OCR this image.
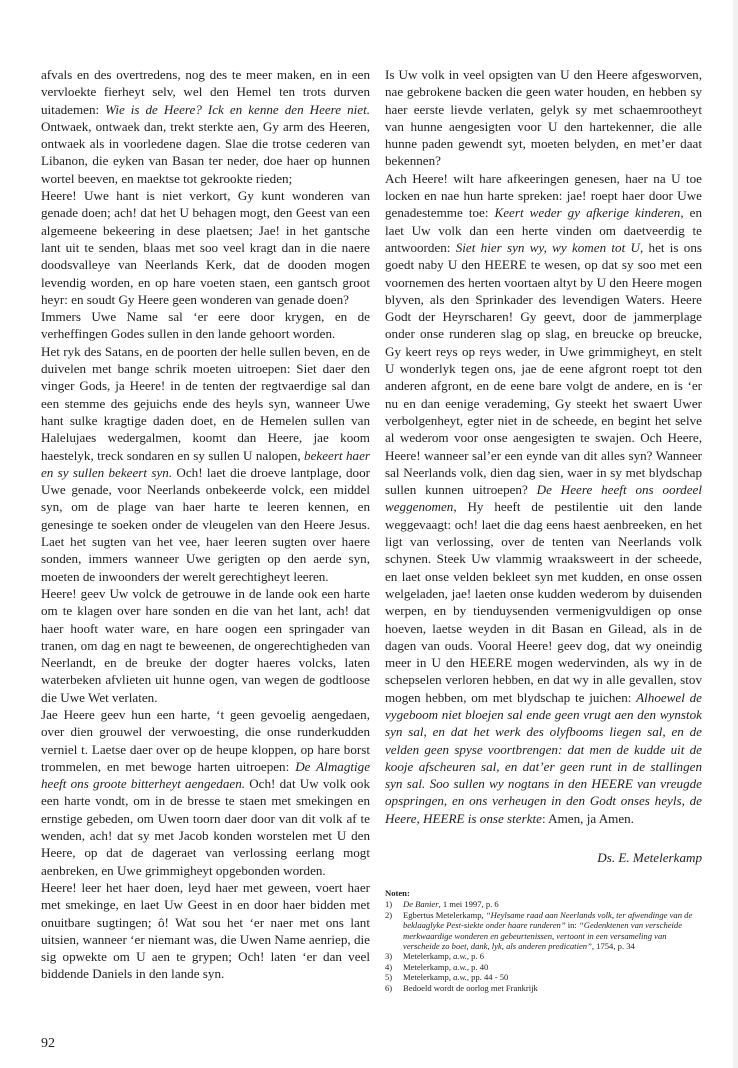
afvals en des overtredens, nog des te meer maken, en in een vervloekte fierheyt selv, wel den Hemel ten trots durven uitademen: Wie is de Heere? Ick en kenne den Heere niet. Ontwaek, ontwaek dan, trekt sterkte aen, Gy arm des Heeren, ontwaek als in voorledene dagen. Slae die trotse cederen van Libanon, die eyken van Basan ter neder, doe haer op hunnen wortel beeven, en maektse tot gekrookte rieden;

Heere! Uwe hant is niet verkort, Gy kunt wonderen van genade doen; ach! dat het U behagen mogt, den Geest van een algemeene bekeering in dese plaetsen; Jae! in het gantsche lant uit te senden, blaas met soo veel kragt dan in die naere doodsvalleye van Neerlands Kerk, dat de dooden mogen levendig worden, en op hare voeten staen, een gantsch groot heyr: en soudt Gy Heere geen wonderen van genade doen?

Immers Uwe Name sal ‘er eere door krygen, en de verheffingen Godes sullen in den lande gehoort worden.

Het ryk des Satans, en de poorten der helle sullen beven, en de duivelen met bange schrik moeten uitroepen: Siet daer den vinger Gods, ja Heere! in de tenten der regtvaerdige sal dan een stemme des gejuichs ende des heyls syn, wanneer Uwe hant sulke kragtige daden doet, en de Hemelen sullen van Halelujaes wedergalmen, koomt dan Heere, jae koom haestelyk, treck sondaren en sy sullen U nalopen, bekeert haer en sy sullen bekeert syn. Och! laet die droeve lantplage, door Uwe genade, voor Neerlands onbekeerde volck, een middel syn, om de plage van haer harte te leeren kennen, en genesinge te soeken onder de vleugelen van den Heere Jesus. Laet het sugten van het vee, haer leeren sugten over haere sonden, immers wanneer Uwe gerigten op den aerde syn, moeten de inwoonders der werelt gerechtigheyt leeren.

Heere! geev Uw volck de getrouwe in de lande ook een harte om te klagen over hare sonden en die van het lant, ach! dat haer hooft water ware, en hare oogen een springader van tranen, om dag en nagt te beweenen, de ongerechtigheden van Neerlandt, en de breuke der dogter haeres volcks, laten waterbeken afvlieten uit hunne ogen, van wegen de godtloose die Uwe Wet verlaten.

Jae Heere geev hun een harte, ‘t geen gevoelig aengedaen, over dien grouwel der verwoesting, die onse runderkudden verniel t. Laetse daer over op de heupe kloppen, op hare borst trommelen, en met bewoge harten uitroepen: De Almagtige heeft ons groote bitterheyt aengedaen. Och! dat Uw volk ook een harte vondt, om in de bresse te staen met smekingen en ernstige gebeden, om Uwen toorn daer door van dit volk af te wenden, ach! dat sy met Jacob konden worstelen met U den Heere, op dat de dageraet van verlossing eerlang mogt aenbreken, en Uwe grimmigheyt opgebonden worden.

Heere! leer het haer doen, leyd haer met geween, voert haer met smekinge, en laet Uw Geest in en door haer bidden met onuitbare sugtingen; ô! Wat sou het ‘er naer met ons lant uitsien, wanneer ‘er niemant was, die Uwen Name aenriep, die sig opwekte om U aen te grypen; Och! laten ‘er dan veel biddende Daniels in den lande syn.

Is Uw volk in veel opsigten van U den Heere afgesworven, nae gebrokene backen die geen water houden, en hebben sy haer eerste lievde verlaten, gelyk sy met schaemrootheyt van hunne aengesigten voor U den hartekenner, die alle hunne paden gewendt syt, moeten belyden, en met’er daat bekennen?

Ach Heere! wilt hare afkeeringen genesen, haer na U toe locken en nae hun harte spreken: jae! roept haer door Uwe genadestemme toe: Keert weder gy afkerige kinderen, en laet Uw volk dan een herte vinden om daetveerdig te antwoorden: Siet hier syn wy, wy komen tot U, het is ons goedt naby U den HEERE te wesen, op dat sy soo met een voornemen des herten voortaen altyt by U den Heere mogen blyven, als den Sprinkader des levendigen Waters. Heere Godt der Heyrscharen! Gy geevt, door de jammerplage onder onse runderen slag op slag, en breucke op breucke, Gy keert reys op reys weder, in Uwe grimmigheyt, en stelt U wonderlyk tegen ons, jae de eene afgront roept tot den anderen afgront, en de eene bare volgt de andere, en is ‘er nu en dan eenige verademing, Gy steekt het swaert Uwer verbolgenheyt, egter niet in de scheede, en begint het selve al wederom voor onse aengesigten te swajen. Och Heere, Heere! wanneer sal’er een eynde van dit alles syn? Wanneer sal Neerlands volk, dien dag sien, waer in sy met blydschap sullen kunnen uitroepen? De Heere heeft ons oordeel weggenomen, Hy heeft de pestilentie uit den lande weggevaagt: och! laet die dag eens haest aenbreeken, en het ligt van verlossing, over de tenten van Neerlands volk schynen. Steek Uw vlammig wraaksweert in der scheede, en laet onse velden bekleet syn met kudden, en onse ossen welgeladen, jae! laeten onse kudden wederom by duisenden werpen, en by tienduysenden vermenigvuldigen op onse hoeven, laetse weyden in dit Basan en Gilead, als in de dagen van ouds. Vooral Heere! geev dog, dat wy oneindig meer in U den HEERE mogen wedervinden, als wy in de schepselen verloren hebben, en dat wy in alle gevallen, stov mogen hebben, om met blydschap te juichen: Alhoewel de vygeboom niet bloejen sal ende geen vrugt aen den wynstok syn sal, en dat het werk des olyfbooms liegen sal, en de velden geen spyse voortbrengen: dat men de kudde uit de kooje afscheuren sal, en dat’er geen runt in de stallingen syn sal. Soo sullen wy nogtans in den HEERE van vreugde opspringen, en ons verheugen in den Godt onses heyls, de Heere, HEERE is onse sterkte: Amen, ja Amen.

Ds. E. Metelerkamp
Noten:
1)	De Banier, 1 mei 1997, p. 6
2)	Egbertus Metelerkamp, “Heylsame raad aan Neerlands volk, ter afwendinge van de beklaaglyke Pest-siekte onder haare runderen” in: “Gedenktenen van verscheide merkwaardige wonderen en gebeurtenissen, vertoont in een versameling van verscheide zo boet, dank, lyk, als anderen predicatien”, 1754, p. 34
3)	Metelerkamp, a.w., p. 6
4)	Metelerkamp, a.w., p. 40
5)	Metelerkamp, a.w., pp. 44 - 50
6)	Bedoeld wordt de oorlog met Frankrijk
92
